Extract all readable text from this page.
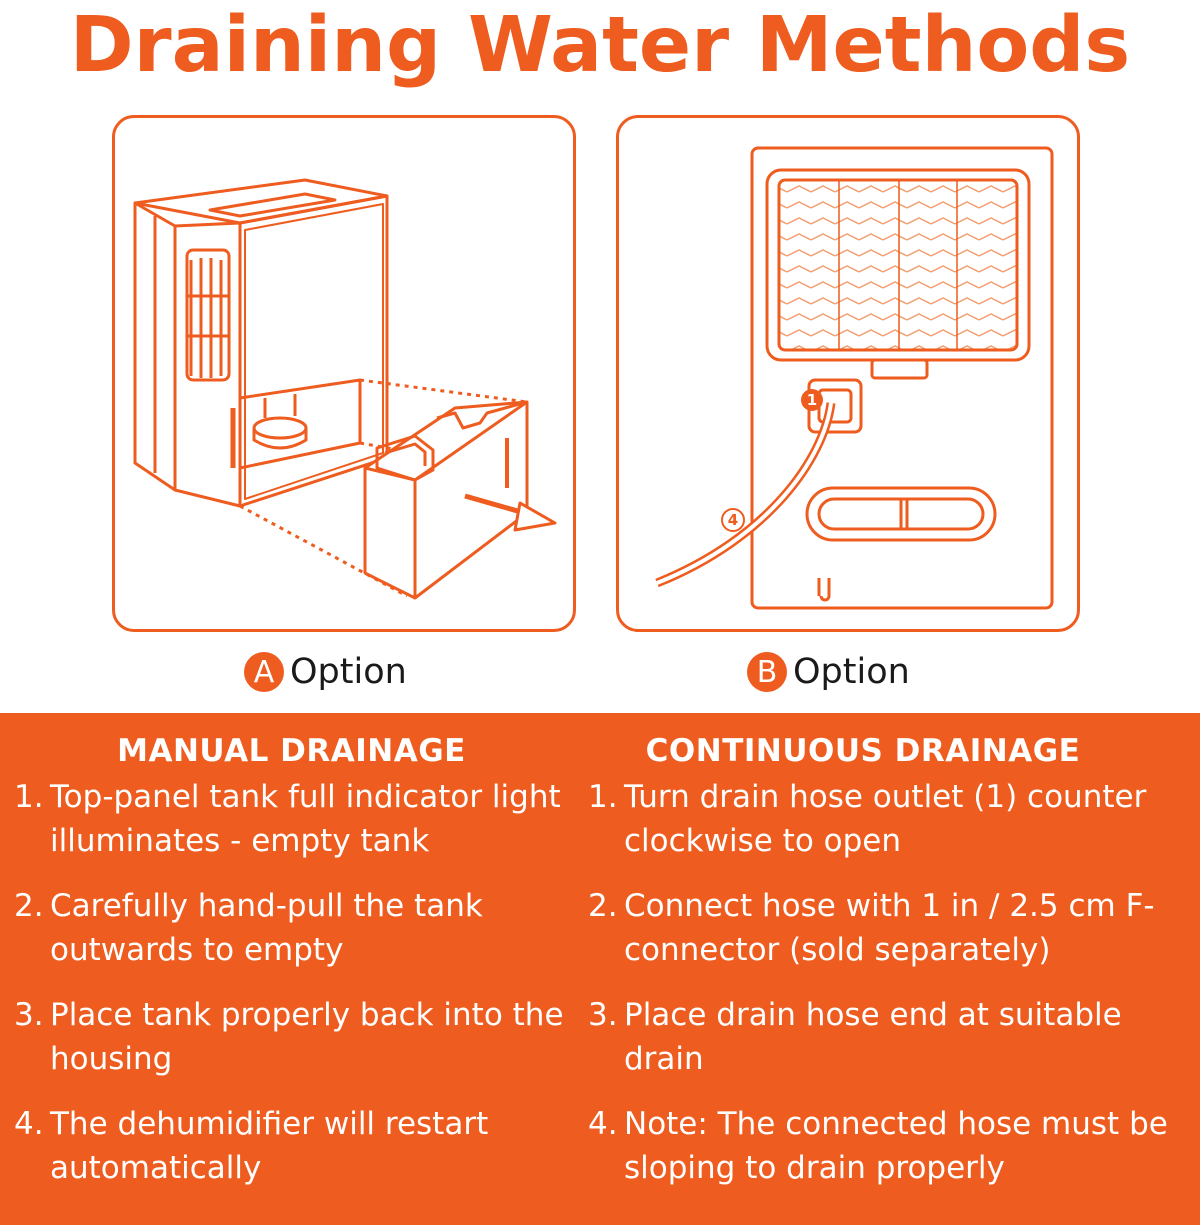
Draining Water Methods
1
4
A Option	B Option
MANUAL DRAINAGE
1. Top-panel tank full indicator light illuminates - empty tank
2. Carefully hand-pull the tank outwards to empty
3. Place tank properly back into the housing
4. The dehumidifier will restart automatically
CONTINUOUS DRAINAGE
1. Turn drain hose outlet (1) counter clockwise to open
2. Connect hose with 1 in / 2.5 cm F-connector (sold separately)
3. Place drain hose end at suitable drain
4. Note: The connected hose must be sloping to drain properly
